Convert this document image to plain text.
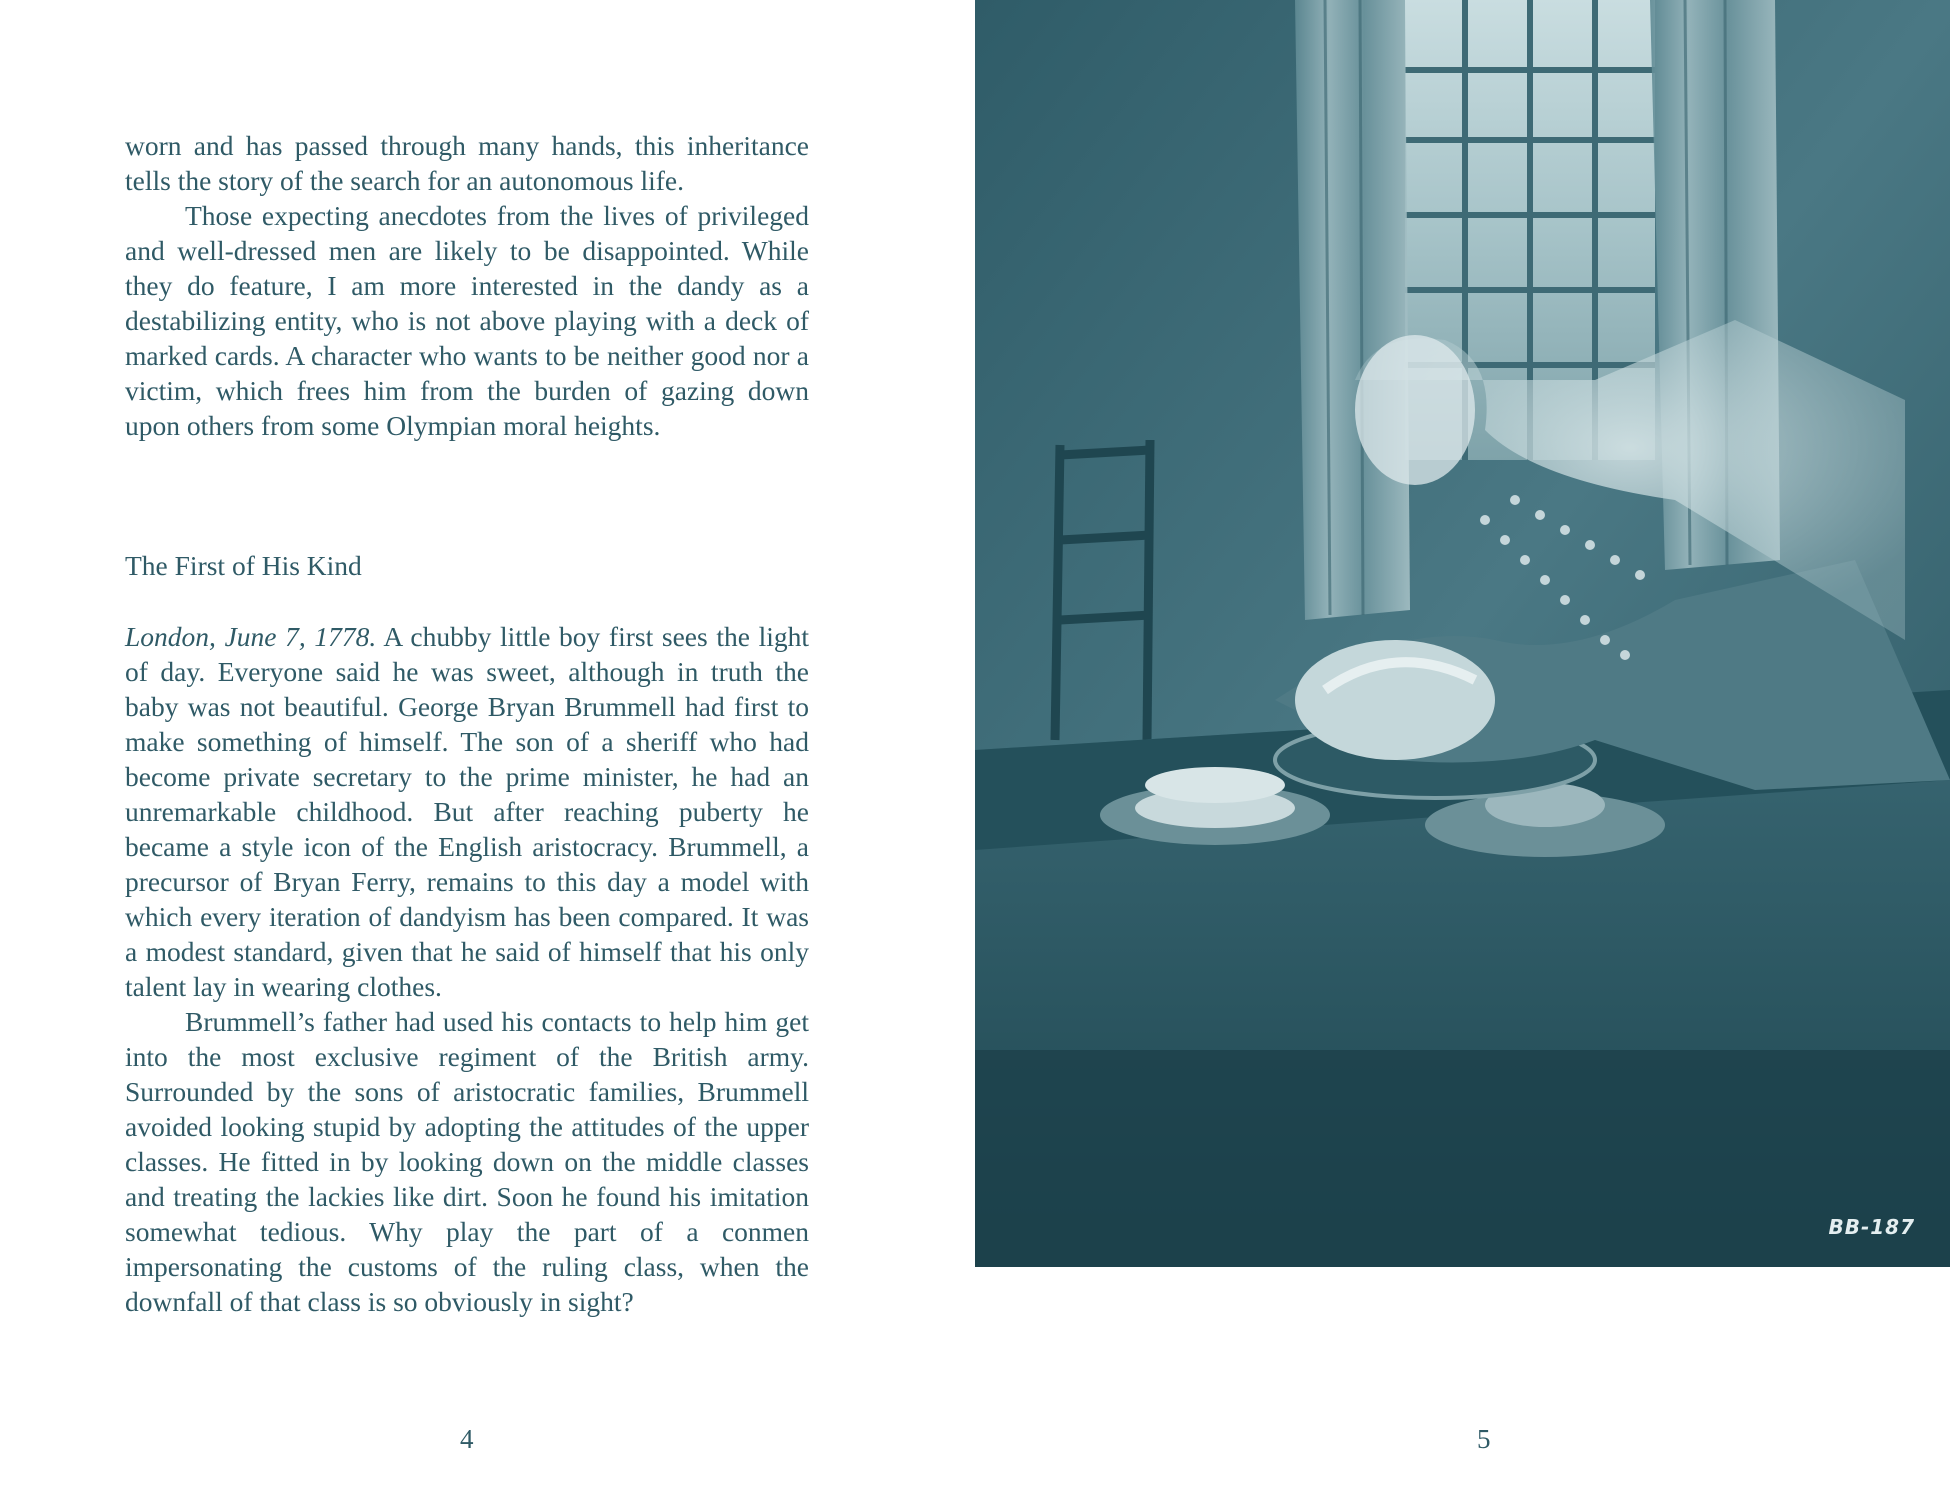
worn and has passed through many hands, this inheritance tells the story of the search for an autonomous life.

Those expecting anecdotes from the lives of privileged and well-dressed men are likely to be disappointed. While they do feature, I am more interested in the dandy as a destabilizing entity, who is not above playing with a deck of marked cards. A character who wants to be neither good nor a victim, which frees him from the burden of gazing down upon others from some Olympian moral heights.

The First of His Kind

London, June 7, 1778. A chubby little boy first sees the light of day. Everyone said he was sweet, although in truth the baby was not beautiful. George Bryan Brummell had first to make something of himself. The son of a sheriff who had become private secretary to the prime minister, he had an unremarkable childhood. But after reaching puberty he became a style icon of the English aristocracy. Brummell, a precursor of Bryan Ferry, remains to this day a model with which every iteration of dandyism has been compared. It was a modest standard, given that he said of himself that his only talent lay in wearing clothes.

Brummell’s father had used his contacts to help him get into the most exclusive regiment of the British army. Surrounded by the sons of aristocratic families, Brummell avoided looking stupid by adopting the attitudes of the upper classes. He fitted in by looking down on the middle classes and treating the lackies like dirt. Soon he found his imitation somewhat tedious. Why play the part of a conmen impersonating the customs of the ruling class, when the downfall of that class is so obviously in sight?

4
BB-187
5
